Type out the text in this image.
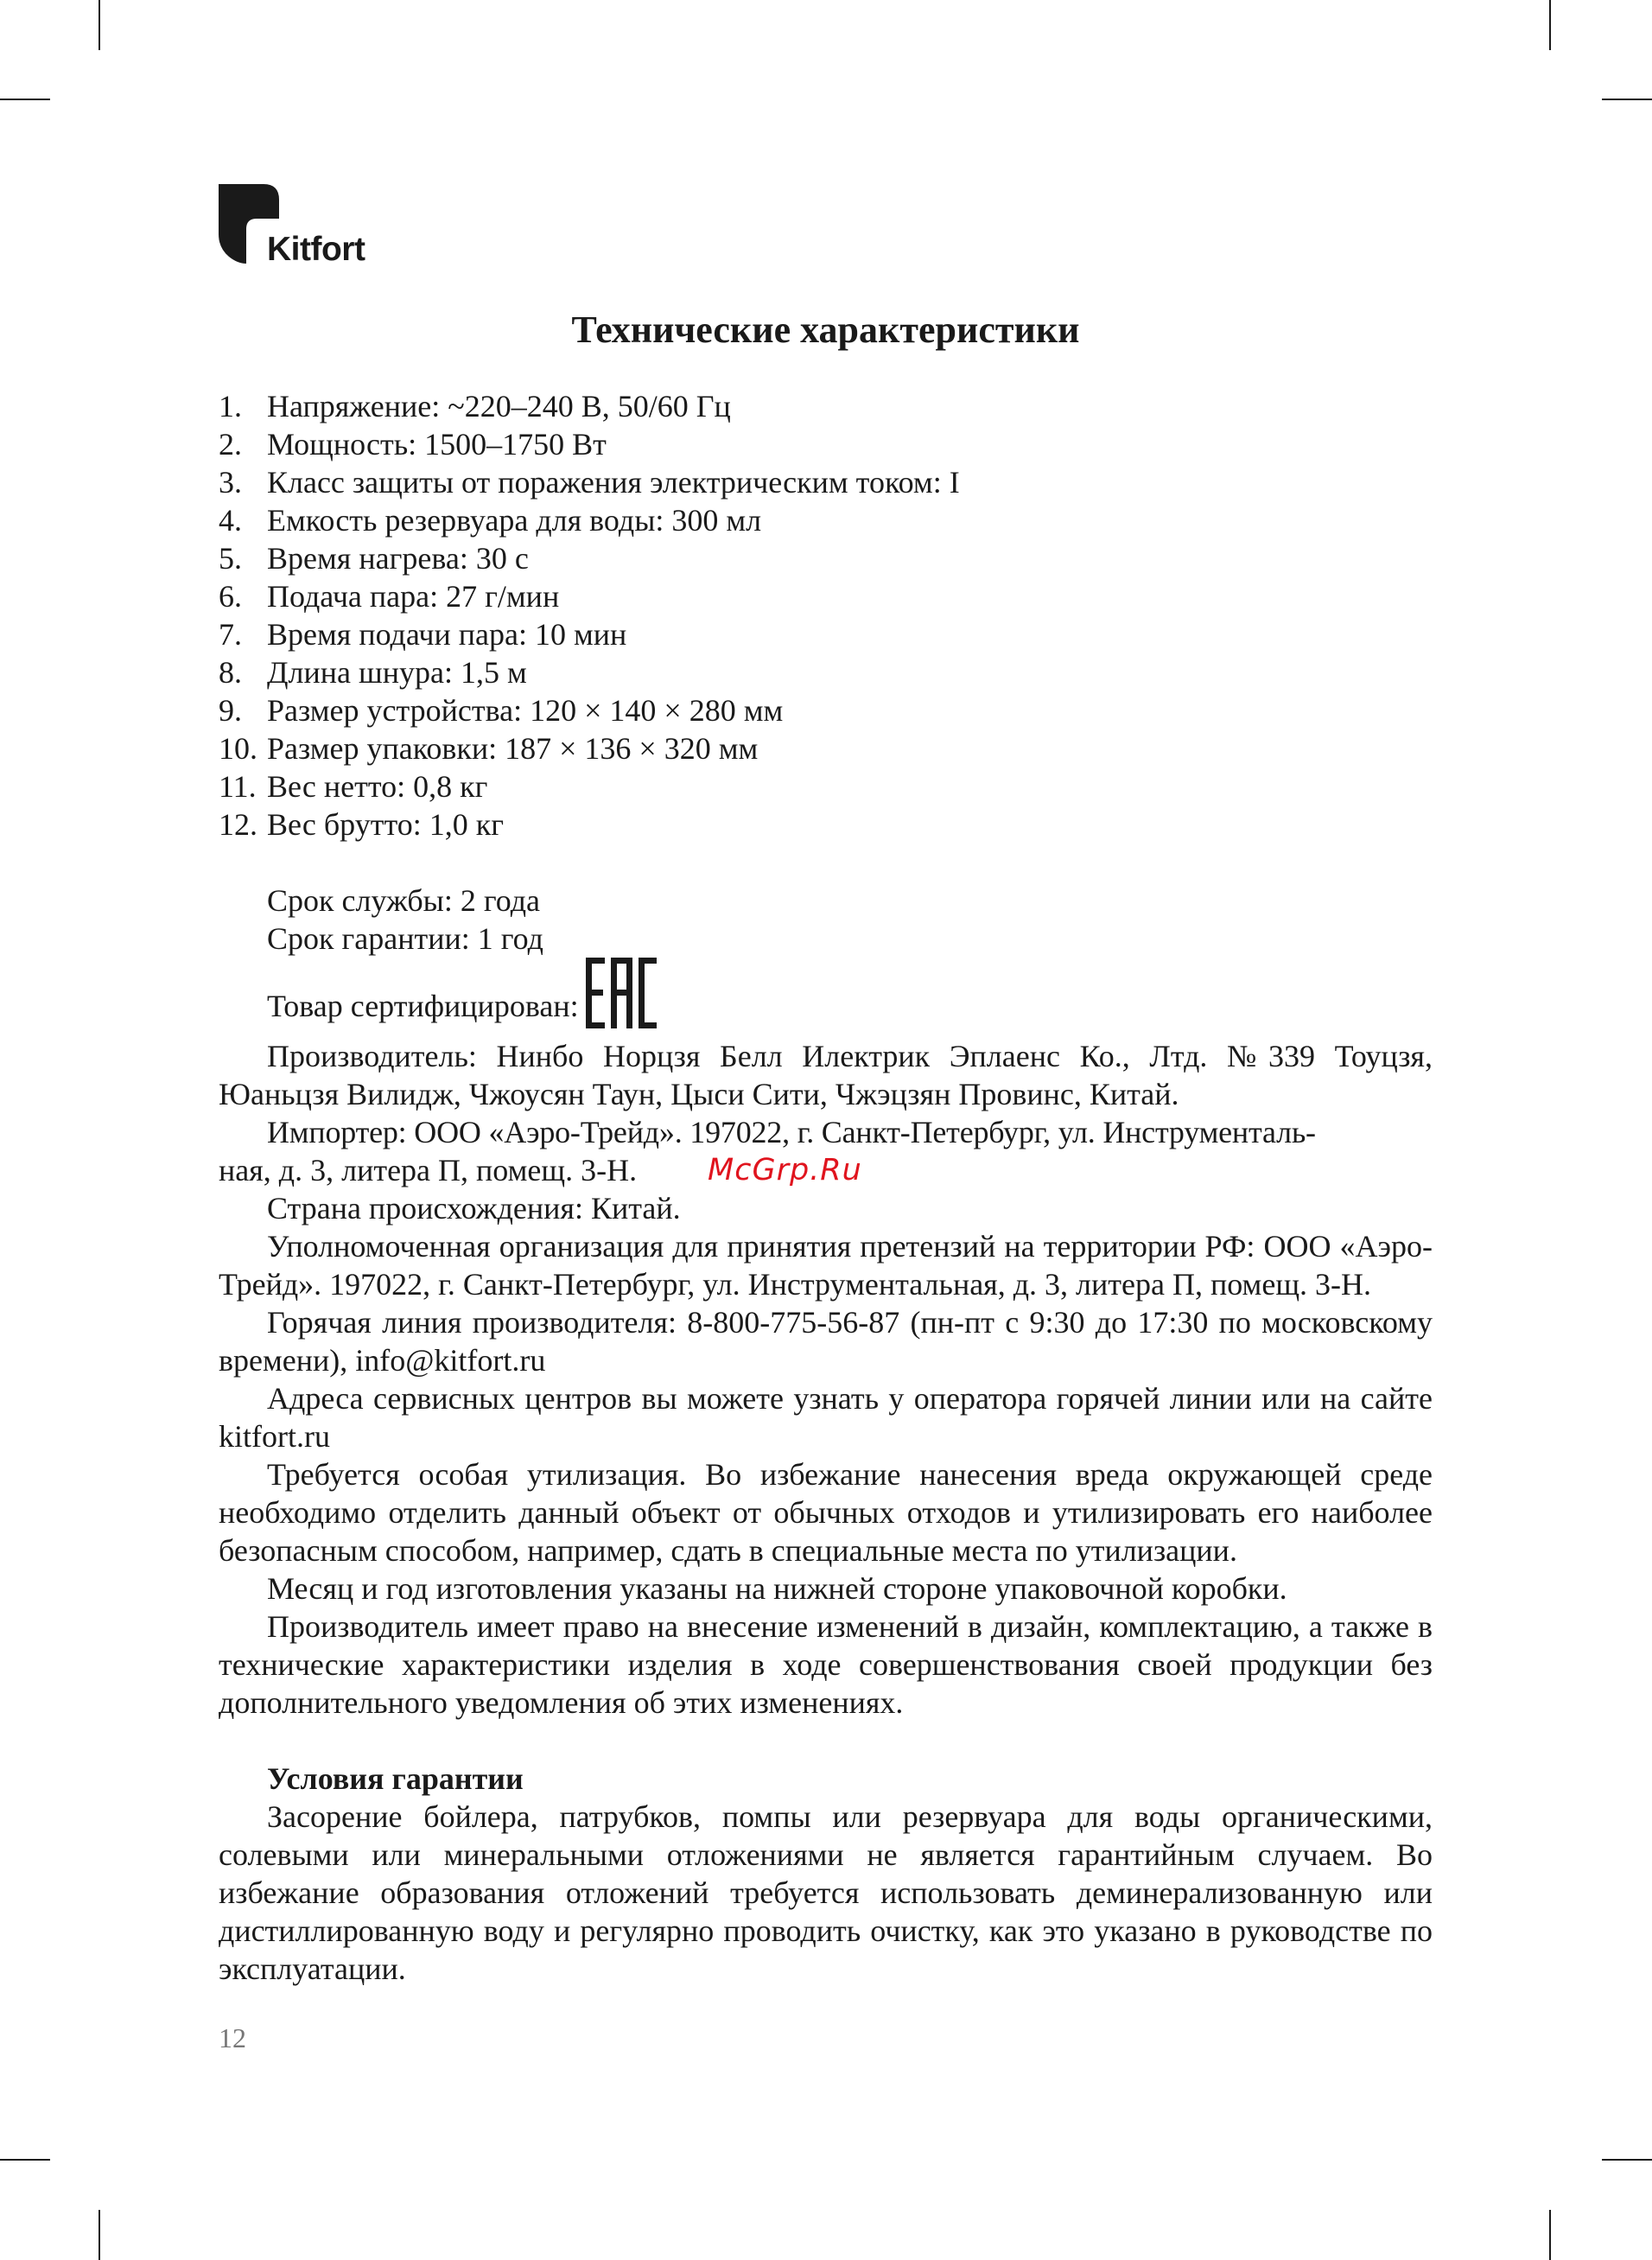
Kitfort
Технические характеристики
1. Напряжение: ~220–240 В, 50/60 Гц
2. Мощность: 1500–1750 Вт
3. Класс защиты от поражения электрическим током: I
4. Емкость резервуара для воды: 300 мл
5. Время нагрева: 30 с
6. Подача пара: 27 г/мин
7. Время подачи пара: 10 мин
8. Длина шнура: 1,5 м
9. Размер устройства: 120 × 140 × 280 мм
10. Размер упаковки: 187 × 136 × 320 мм
11. Вес нетто: 0,8 кг
12. Вес брутто: 1,0 кг

Срок службы: 2 года

Срок гарантии: 1 год

Товар сертифицирован:

Производитель: Нинбо Норцзя Белл Илектрик Эплаенс Ко., Лтд. №339 Тоуцзя, Юаньцзя Вилидж, Чжоусян Таун, Цыси Сити, Чжэцзян Провинс, Китай.

Импортер: ООО «Аэро-Трейд». 197022, г. Санкт-Петербург, ул. Инструменталь-

ная, д. 3, литера П, помещ. 3-Н. McGrp.Ru

Страна происхождения: Китай.

Уполномоченная организация для принятия претензий на территории РФ: ООО «Аэро-Трейд». 197022, г. Санкт-Петербург, ул. Инструментальная, д. 3, литера П, помещ. 3-Н.

Горячая линия производителя: 8-800-775-56-87 (пн-пт с 9:30 до 17:30 по московскому времени), info@kitfort.ru

Адреса сервисных центров вы можете узнать у оператора горячей линии или на сайте kitfort.ru

Требуется особая утилизация. Во избежание нанесения вреда окружающей среде необходимо отделить данный объект от обычных отходов и утилизировать его наиболее безопасным способом, например, сдать в специальные места по утилизации.

Месяц и год изготовления указаны на нижней стороне упаковочной коробки.

Производитель имеет право на внесение изменений в дизайн, комплектацию, а также в технические характеристики изделия в ходе совершенствования своей продукции без дополнительного уведомления об этих изменениях.

Условия гарантии

Засорение бойлера, патрубков, помпы или резервуара для воды органическими, солевыми или минеральными отложениями не является гарантийным случаем. Во избежание образования отложений требуется использовать деминерализованную или дистиллированную воду и регулярно проводить очистку, как это указано в руководстве по эксплуатации.

12
